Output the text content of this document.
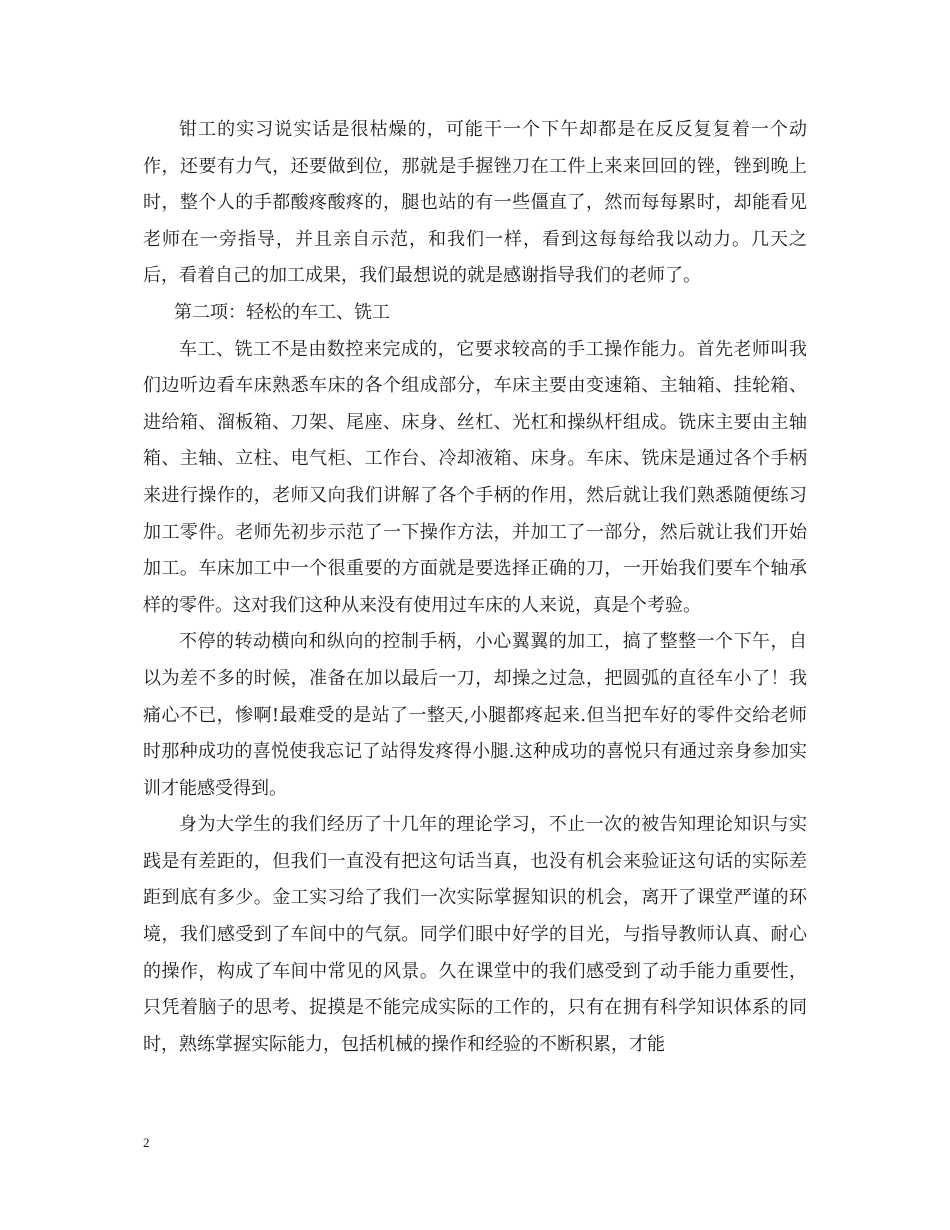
钳工的实习说实话是很枯燥的，可能干一个下午却都是在反反复复着一个动作，还要有力气，还要做到位，那就是手握锉刀在工件上来来回回的锉，锉到晚上时，整个人的手都酸疼酸疼的，腿也站的有一些僵直了，然而每每累时，却能看见老师在一旁指导，并且亲自示范，和我们一样，看到这每每给我以动力。几天之后，看着自己的加工成果，我们最想说的就是感谢指导我们的老师了。

第二项：轻松的车工、铣工

车工、铣工不是由数控来完成的，它要求较高的手工操作能力。首先老师叫我们边听边看车床熟悉车床的各个组成部分，车床主要由变速箱、主轴箱、挂轮箱、进给箱、溜板箱、刀架、尾座、床身、丝杠、光杠和操纵杆组成。铣床主要由主轴箱、主轴、立柱、电气柜、工作台、冷却液箱、床身。车床、铣床是通过各个手柄来进行操作的，老师又向我们讲解了各个手柄的作用，然后就让我们熟悉随便练习加工零件。老师先初步示范了一下操作方法，并加工了一部分，然后就让我们开始加工。车床加工中一个很重要的方面就是要选择正确的刀，一开始我们要车个轴承样的零件。这对我们这种从来没有使用过车床的人来说，真是个考验。

不停的转动横向和纵向的控制手柄，小心翼翼的加工，搞了整整一个下午，自以为差不多的时候，准备在加以最后一刀，却操之过急，把圆弧的直径车小了！我痛心不已，惨啊!最难受的是站了一整天,小腿都疼起来.但当把车好的零件交给老师时那种成功的喜悦使我忘记了站得发疼得小腿.这种成功的喜悦只有通过亲身参加实训才能感受得到。

身为大学生的我们经历了十几年的理论学习，不止一次的被告知理论知识与实践是有差距的，但我们一直没有把这句话当真，也没有机会来验证这句话的实际差距到底有多少。金工实习给了我们一次实际掌握知识的机会，离开了课堂严谨的环境，我们感受到了车间中的气氛。同学们眼中好学的目光，与指导教师认真、耐心的操作，构成了车间中常见的风景。久在课堂中的我们感受到了动手能力重要性，只凭着脑子的思考、捉摸是不能完成实际的工作的，只有在拥有科学知识体系的同时，熟练掌握实际能力，包括机械的操作和经验的不断积累，才能

2
